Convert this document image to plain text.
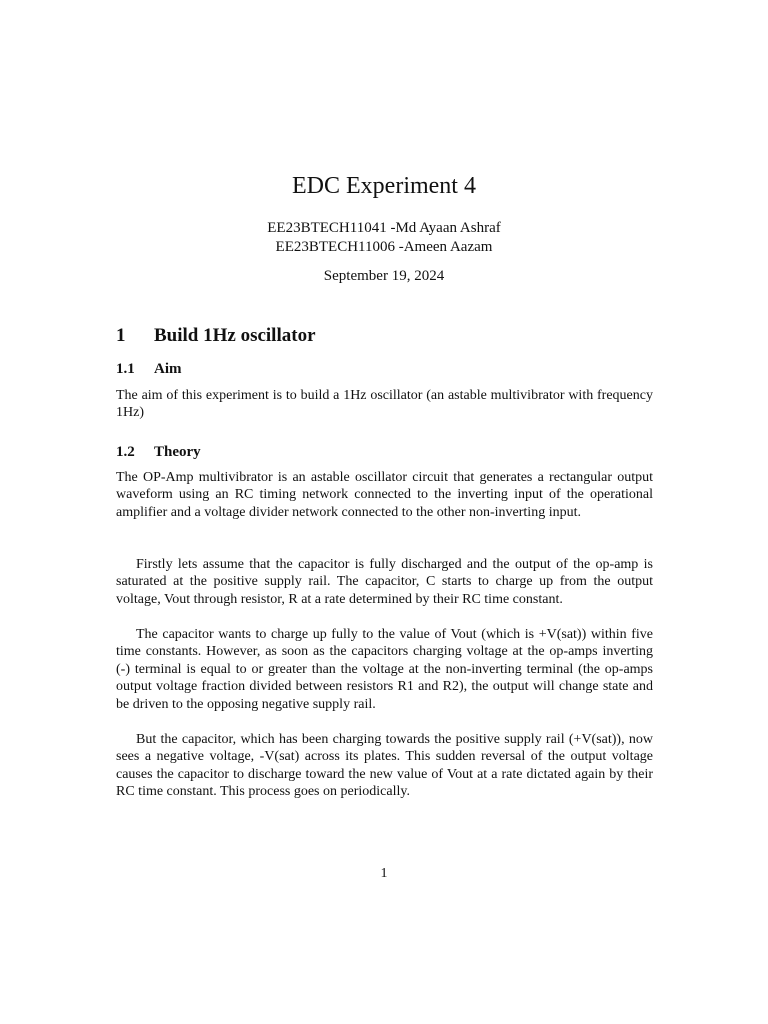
EDC Experiment 4
EE23BTECH11041 -Md Ayaan Ashraf
EE23BTECH11006 -Ameen Aazam
September 19, 2024
1 Build 1Hz oscillator
1.1 Aim

The aim of this experiment is to build a 1Hz oscillator (an astable multivibrator with frequency 1Hz)

1.2 Theory

The OP-Amp multivibrator is an astable oscillator circuit that generates a rectangular output waveform using an RC timing network connected to the inverting input of the operational amplifier and a voltage divider network connected to the other non-inverting input.

Firstly lets assume that the capacitor is fully discharged and the output of the op-amp is saturated at the positive supply rail. The capacitor, C starts to charge up from the output voltage, Vout through resistor, R at a rate determined by their RC time constant.

The capacitor wants to charge up fully to the value of Vout (which is +V(sat)) within five time constants. However, as soon as the capacitors charging voltage at the op-amps inverting (-) terminal is equal to or greater than the voltage at the non-inverting terminal (the op-amps output voltage fraction divided between resistors R1 and R2), the output will change state and be driven to the opposing negative supply rail.

But the capacitor, which has been charging towards the positive supply rail (+V(sat)), now sees a negative voltage, -V(sat) across its plates. This sudden reversal of the output voltage causes the capacitor to discharge toward the new value of Vout at a rate dictated again by their RC time constant. This process goes on periodically.

1
